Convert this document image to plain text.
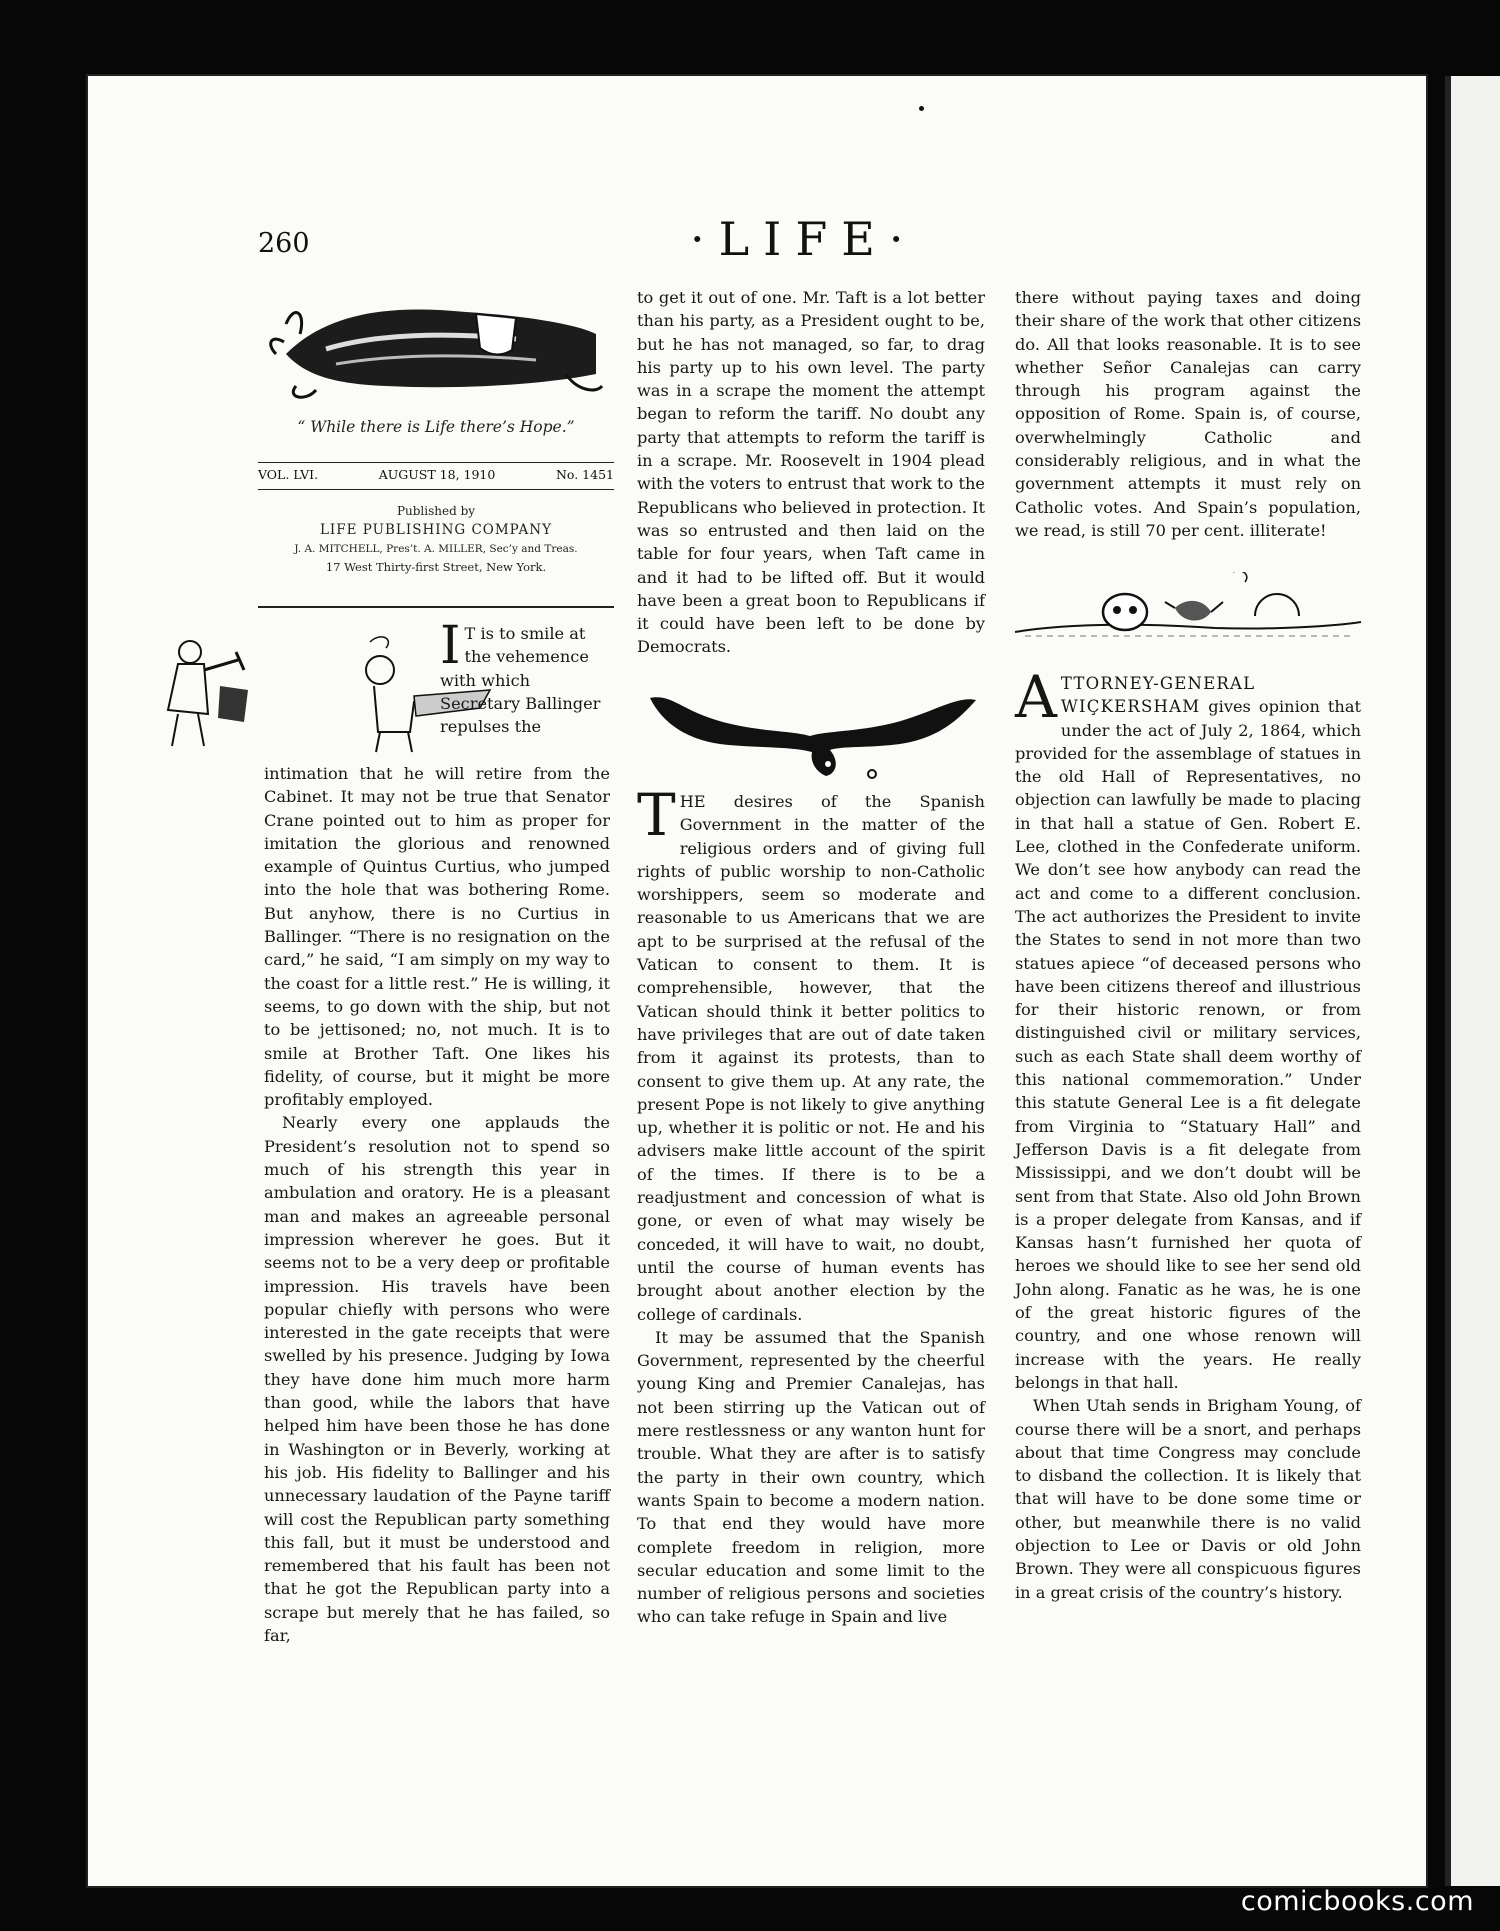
260	·LIFE·
“ While there is Life there’s Hope.”
VOL. LVI.	AUGUST 18, 1910	No. 1451
Published by
LIFE PUBLISHING COMPANY
J. A. MITCHELL, Pres’t. A. MILLER, Sec’y and Treas.
17 West Thirty-first Street, New York.
I T is to smile at the vehemence with which Secretary Ballinger repulses the

intimation that he will retire from the Cabinet. It may not be true that Senator Crane pointed out to him as proper for imitation the glorious and renowned example of Quintus Curtius, who jumped into the hole that was bothering Rome. But anyhow, there is no Curtius in Ballinger. “There is no resignation on the card,” he said, “I am simply on my way to the coast for a little rest.” He is willing, it seems, to go down with the ship, but not to be jettisoned; no, not much. It is to smile at Brother Taft. One likes his fidelity, of course, but it might be more profitably employed.

Nearly every one applauds the President’s resolution not to spend so much of his strength this year in ambulation and oratory. He is a pleasant man and makes an agreeable personal impression wherever he goes. But it seems not to be a very deep or profitable impression. His travels have been popular chiefly with persons who were interested in the gate receipts that were swelled by his presence. Judging by Iowa they have done him much more harm than good, while the labors that have helped him have been those he has done in Washington or in Beverly, working at his job. His fidelity to Ballinger and his unnecessary laudation of the Payne tariff will cost the Republican party something this fall, but it must be understood and remembered that his fault has been not that he got the Republican party into a scrape but merely that he has failed, so far,

to get it out of one. Mr. Taft is a lot better than his party, as a President ought to be, but he has not managed, so far, to drag his party up to his own level. The party was in a scrape the moment the attempt began to reform the tariff. No doubt any party that attempts to reform the tariff is in a scrape. Mr. Roosevelt in 1904 plead with the voters to entrust that work to the Republicans who believed in protection. It was so entrusted and then laid on the table for four years, when Taft came in and it had to be lifted off. But it would have been a great boon to Republicans if it could have been left to be done by Democrats.

THE desires of the Spanish Government in the matter of the religious orders and of giving full rights of public worship to non-Catholic worshippers, seem so moderate and reasonable to us Americans that we are apt to be surprised at the refusal of the Vatican to consent to them. It is comprehensible, however, that the Vatican should think it better politics to have privileges that are out of date taken from it against its protests, than to consent to give them up. At any rate, the present Pope is not likely to give anything up, whether it is politic or not. He and his advisers make little account of the spirit of the times. If there is to be a readjustment and concession of what is gone, or even of what may wisely be conceded, it will have to wait, no doubt, until the course of human events has brought about another election by the college of cardinals.

It may be assumed that the Spanish Government, represented by the cheerful young King and Premier Canalejas, has not been stirring up the Vatican out of mere restlessness or any wanton hunt for trouble. What they are after is to satisfy the party in their own country, which wants Spain to become a modern nation. To that end they would have more complete freedom in religion, more secular education and some limit to the number of religious persons and societies who can take refuge in Spain and live

there without paying taxes and doing their share of the work that other citizens do. All that looks reasonable. It is to see whether Señor Canalejas can carry through his program against the opposition of Rome. Spain is, of course, overwhelmingly Catholic and considerably religious, and in what the government attempts it must rely on Catholic votes. And Spain’s population, we read, is still 70 per cent. illiterate!

ATTORNEY-GENERAL WIÇKERSHAM gives opinion that under the act of July 2, 1864, which provided for the assemblage of statues in the old Hall of Representatives, no objection can lawfully be made to placing in that hall a statue of Gen. Robert E. Lee, clothed in the Confederate uniform. We don’t see how anybody can read the act and come to a different conclusion. The act authorizes the President to invite the States to send in not more than two statues apiece “of deceased persons who have been citizens thereof and illustrious for their historic renown, or from distinguished civil or military services, such as each State shall deem worthy of this national commemoration.” Under this statute General Lee is a fit delegate from Virginia to “Statuary Hall” and Jefferson Davis is a fit delegate from Mississippi, and we don’t doubt will be sent from that State. Also old John Brown is a proper delegate from Kansas, and if Kansas hasn’t furnished her quota of heroes we should like to see her send old John along. Fanatic as he was, he is one of the great historic figures of the country, and one whose renown will increase with the years. He really belongs in that hall.

When Utah sends in Brigham Young, of course there will be a snort, and perhaps about that time Congress may conclude to disband the collection. It is likely that that will have to be done some time or other, but meanwhile there is no valid objection to Lee or Davis or old John Brown. They were all conspicuous figures in a great crisis of the country’s history.

comicbooks.com
